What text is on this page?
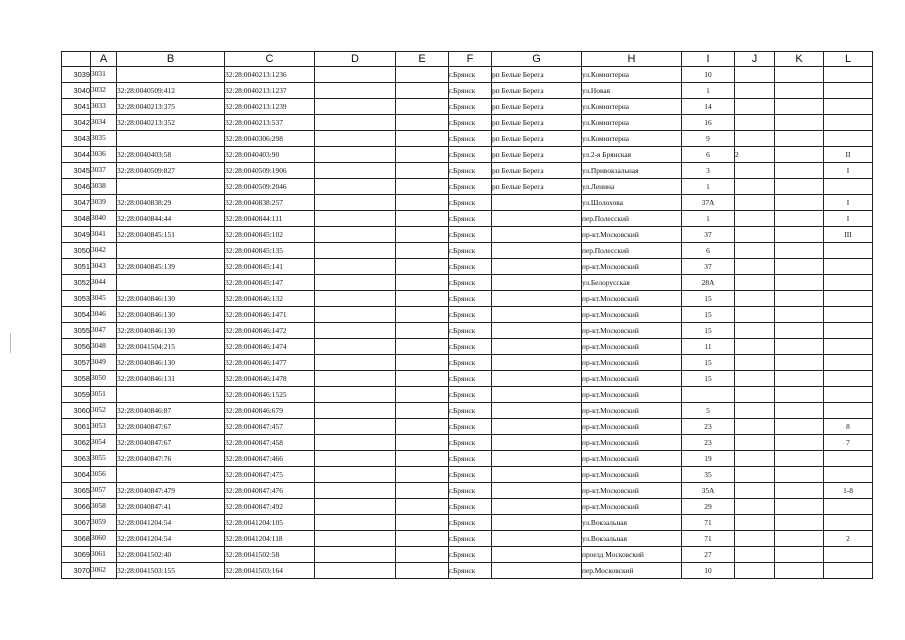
	A	B	C	D	E	F	G	H	I	J	K	L
3039	3031		32:28:0040213:1236			г.Брянск	рп Белые Берега	ул.Коминтерна	10			
3040	3032	32:28:0040509:412	32:28:0040213:1237			г.Брянск	рп Белые Берега	ул.Новая	1			
3041	3033	32:28:0040213:375	32:28:0040213:1239			г.Брянск	рп Белые Берега	ул.Коминтерна	14			
3042	3034	32:28:0040213:352	32:28:0040213:537			г.Брянск	рп Белые Берега	ул.Коминтерна	16			
3043	3035		32:28:0040306:298			г.Брянск	рп Белые Берега	ул.Коминтерна	9			
3044	3036	32:28:0040403:58	32:28:0040403:90			г.Брянск	рп Белые Берега	ул.2-я Брянская	6	2		II
3045	3037	32:28:0040509:827	32:28:0040509:1906			г.Брянск	рп Белые Берега	ул.Привокзальная	3			I
3046	3038		32:28:0040509:2046			г.Брянск	рп Белые Берега	ул.Ленина	1			
3047	3039	32:28:0040838:29	32:28:0040838:257			г.Брянск		ул.Шолохова	37А			I
3048	3040	32:28:0040844:44	32:28:0040844:111			г.Брянск		пер.Полесский	1			I
3049	3041	32:28:0040845:151	32:28:0040845:102			г.Брянск		пр-кт.Московский	37			III
3050	3042		32:28:0040845:135			г.Брянск		пер.Полесский	6			
3051	3043	32:28:0040845:139	32:28:0040845:141			г.Брянск		пр-кт.Московский	37			
3052	3044		32:28:0040845:147			г.Брянск		ул.Белорусская	28А			
3053	3045	32:28:0040846:130	32:28:0040846:132			г.Брянск		пр-кт.Московский	15			
3054	3046	32:28:0040846:130	32:28:0040846:1471			г.Брянск		пр-кт.Московский	15			
3055	3047	32:28:0040846:130	32:28:0040846:1472			г.Брянск		пр-кт.Московский	15			
3056	3048	32:28:0041504:215	32:28:0040846:1474			г.Брянск		пр-кт.Московский	11			
3057	3049	32:28:0040846:130	32:28:0040846:1477			г.Брянск		пр-кт.Московский	15			
3058	3050	32:28:0040846:131	32:28:0040846:1478			г.Брянск		пр-кт.Московский	15			
3059	3051		32:28:0040846:1525			г.Брянск		пр-кт.Московский				
3060	3052	32:28:0040846:87	32:28:0040846:679			г.Брянск		пр-кт.Московский	5			
3061	3053	32:28:0040847:67	32:28:0040847:457			г.Брянск		пр-кт.Московский	23			8
3062	3054	32:28:0040847:67	32:28:0040847:458			г.Брянск		пр-кт.Московский	23			7
3063	3055	32:28:0040847:76	32:28:0040847:466			г.Брянск		пр-кт.Московский	19			
3064	3056		32:28:0040847:475			г.Брянск		пр-кт.Московский	35			
3065	3057	32:28:0040847:479	32:28:0040847:476			г.Брянск		пр-кт.Московский	35А			1-8
3066	3058	32:28:0040847:41	32:28:0040847:492			г.Брянск		пр-кт.Московский	29			
3067	3059	32:28:0041204:54	32:28:0041204:105			г.Брянск		ул.Вокзальная	71			
3068	3060	32:28:0041204:54	32:28:0041204:118			г.Брянск		ул.Вокзальная	71			2
3069	3061	32:28:0041502:40	32:28:0041502:58			г.Брянск		проезд Московский	27			
3070	3062	32:28:0041503:155	32:28:0041503:164			г.Брянск		пер.Московский	10			
